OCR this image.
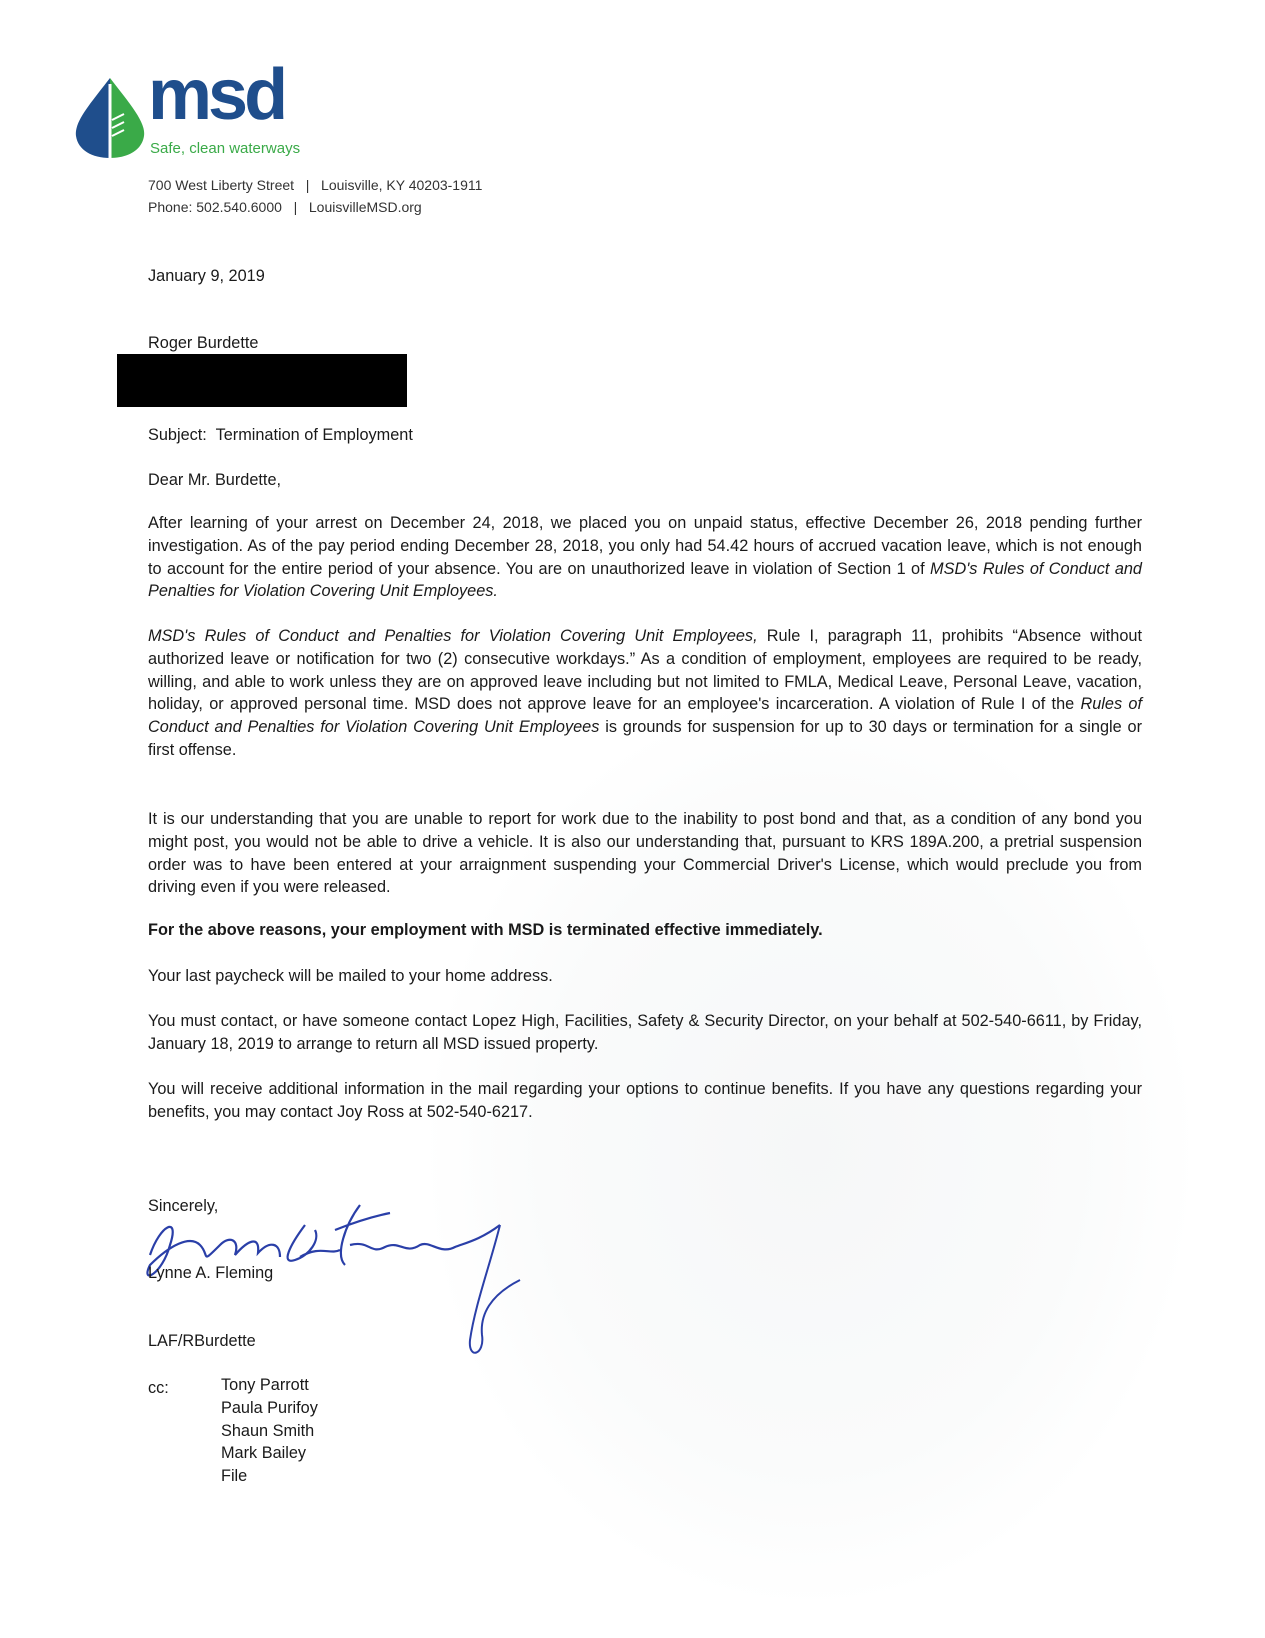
msd
Safe, clean waterways
700 West Liberty Street | Louisville, KY 40203-1911
Phone: 502.540.6000 | LouisvilleMSD.org
January 9, 2019
Roger Burdette
Subject:  Termination of Employment
Dear Mr. Burdette,
After learning of your arrest on December 24, 2018, we placed you on unpaid status, effective December 26, 2018 pending further investigation. As of the pay period ending December 28, 2018, you only had 54.42 hours of accrued vacation leave, which is not enough to account for the entire period of your absence. You are on unauthorized leave in violation of Section 1 of MSD's Rules of Conduct and Penalties for Violation Covering Unit Employees.
MSD's Rules of Conduct and Penalties for Violation Covering Unit Employees, Rule I, paragraph 11, prohibits “Absence without authorized leave or notification for two (2) consecutive workdays.” As a condition of employment, employees are required to be ready, willing, and able to work unless they are on approved leave including but not limited to FMLA, Medical Leave, Personal Leave, vacation, holiday, or approved personal time. MSD does not approve leave for an employee's incarceration. A violation of Rule I of the Rules of Conduct and Penalties for Violation Covering Unit Employees is grounds for suspension for up to 30 days or termination for a single or first offense.
It is our understanding that you are unable to report for work due to the inability to post bond and that, as a condition of any bond you might post, you would not be able to drive a vehicle. It is also our understanding that, pursuant to KRS 189A.200, a pretrial suspension order was to have been entered at your arraignment suspending your Commercial Driver's License, which would preclude you from driving even if you were released.
For the above reasons, your employment with MSD is terminated effective immediately.
Your last paycheck will be mailed to your home address.
You must contact, or have someone contact Lopez High, Facilities, Safety & Security Director, on your behalf at 502-540-6611, by Friday, January 18, 2019 to arrange to return all MSD issued property.
You will receive additional information in the mail regarding your options to continue benefits. If you have any questions regarding your benefits, you may contact Joy Ross at 502-540-6217.
Sincerely,
Lynne A. Fleming
LAF/RBurdette
cc:	Tony Parrott
Paula Purifoy
Shaun Smith
Mark Bailey
File
